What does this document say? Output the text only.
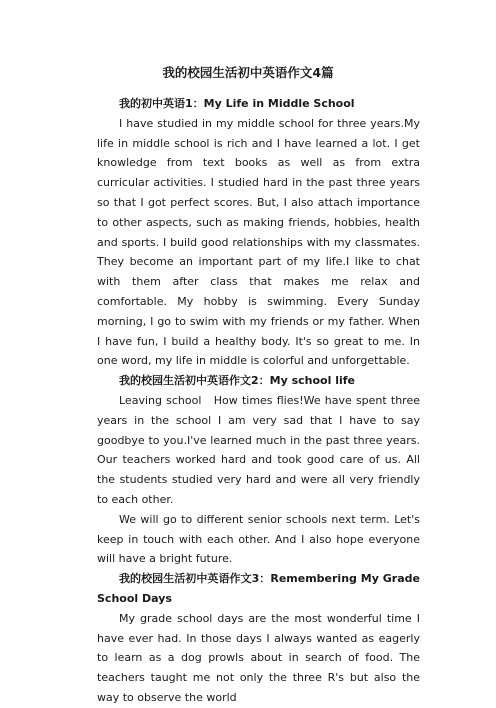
我的校园生活初中英语作文4篇
我的初中英语1：My Life in Middle School
I have studied in my middle school for three years.My life in middle school is rich and I have learned a lot. I get knowledge from text books as well as from extra curricular activities. I studied hard in the past three years so that I got perfect scores. But, I also attach importance to other aspects, such as making friends, hobbies, health and sports. I build good relationships with my classmates. They become an important part of my life.I like to chat with them after class that makes me relax and comfortable. My hobby is swimming. Every Sunday morning, I go to swim with my friends or my father. When I have fun, I build a healthy body. It's so great to me. In one word, my life in middle is colorful and unforgettable.
我的校园生活初中英语作文2：My school life
Leaving school　How times flies!We have spent three years in the school I am very sad that I have to say goodbye to you.I've learned much in the past three years. Our teachers worked hard and took good care of us. All the students studied very hard and were all very friendly to each other.
We will go to different senior schools next term. Let's keep in touch with each other. And I also hope everyone will have a bright future.
我的校园生活初中英语作文3：Remembering My Grade School Days
My grade school days are the most wonderful time I have ever had. In those days I always wanted as eagerly to learn as a dog prowls about in search of food. The teachers taught me not only the three R's but also the way to observe the world
